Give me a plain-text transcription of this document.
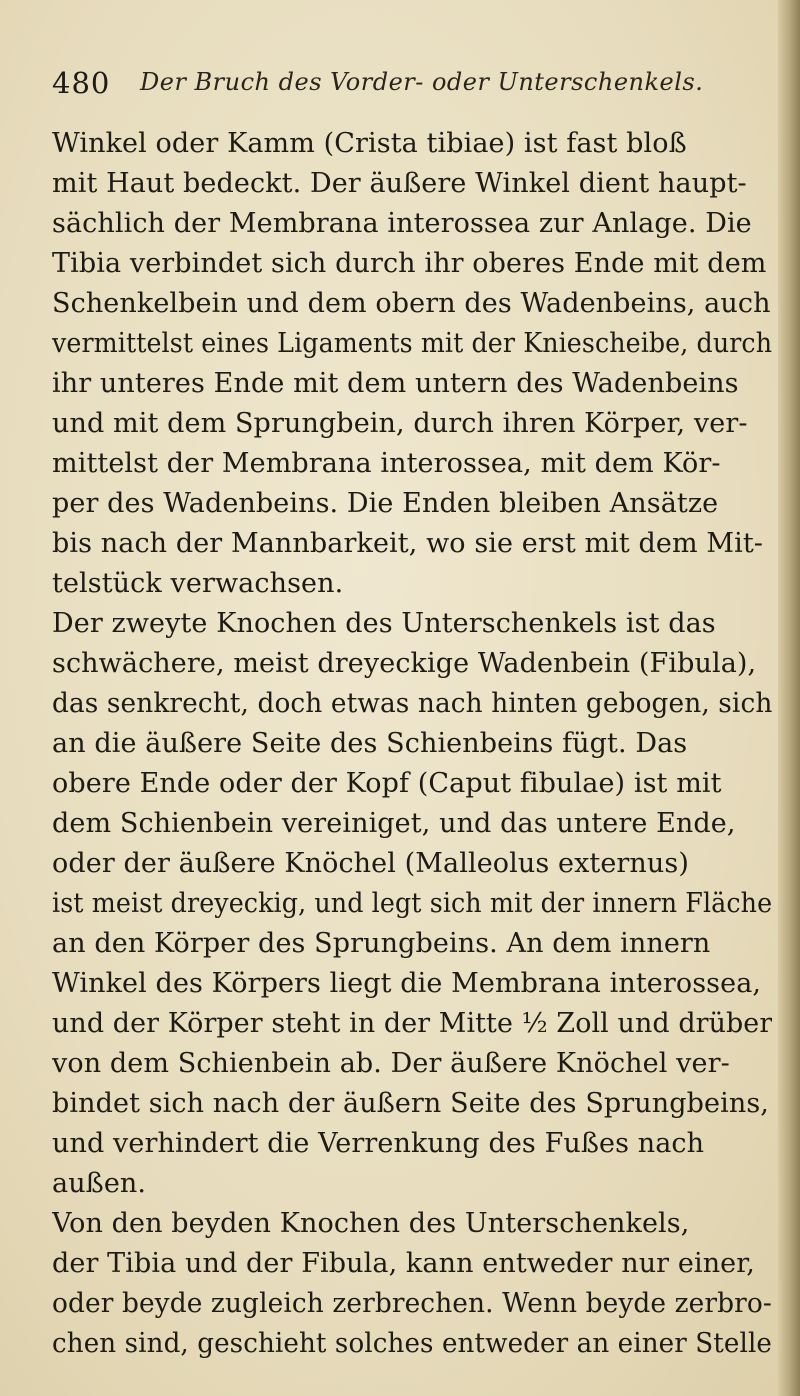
480 Der Bruch des Vorder- oder Unterschenkels.
Winkel oder Kamm (Crista tibiae) ist fast bloß
mit Haut bedeckt. Der äußere Winkel dient haupt-
sächlich der Membrana interossea zur Anlage. Die
Tibia verbindet sich durch ihr oberes Ende mit dem
Schenkelbein und dem obern des Wadenbeins, auch
vermittelst eines Ligaments mit der Kniescheibe, durch
ihr unteres Ende mit dem untern des Wadenbeins
und mit dem Sprungbein, durch ihren Körper, ver-
mittelst der Membrana interossea, mit dem Kör-
per des Wadenbeins. Die Enden bleiben Ansätze
bis nach der Mannbarkeit, wo sie erst mit dem Mit-
telstück verwachsen.
Der zweyte Knochen des Unterschenkels ist das
schwächere, meist dreyeckige Wadenbein (Fibula),
das senkrecht, doch etwas nach hinten gebogen, sich
an die äußere Seite des Schienbeins fügt. Das
obere Ende oder der Kopf (Caput fibulae) ist mit
dem Schienbein vereiniget, und das untere Ende,
oder der äußere Knöchel (Malleolus externus)
ist meist dreyeckig, und legt sich mit der innern Fläche
an den Körper des Sprungbeins. An dem innern
Winkel des Körpers liegt die Membrana interossea,
und der Körper steht in der Mitte ½ Zoll und drüber
von dem Schienbein ab. Der äußere Knöchel ver-
bindet sich nach der äußern Seite des Sprungbeins,
und verhindert die Verrenkung des Fußes nach
außen.
Von den beyden Knochen des Unterschenkels,
der Tibia und der Fibula, kann entweder nur einer,
oder beyde zugleich zerbrechen. Wenn beyde zerbro-
chen sind, geschieht solches entweder an einer Stelle
